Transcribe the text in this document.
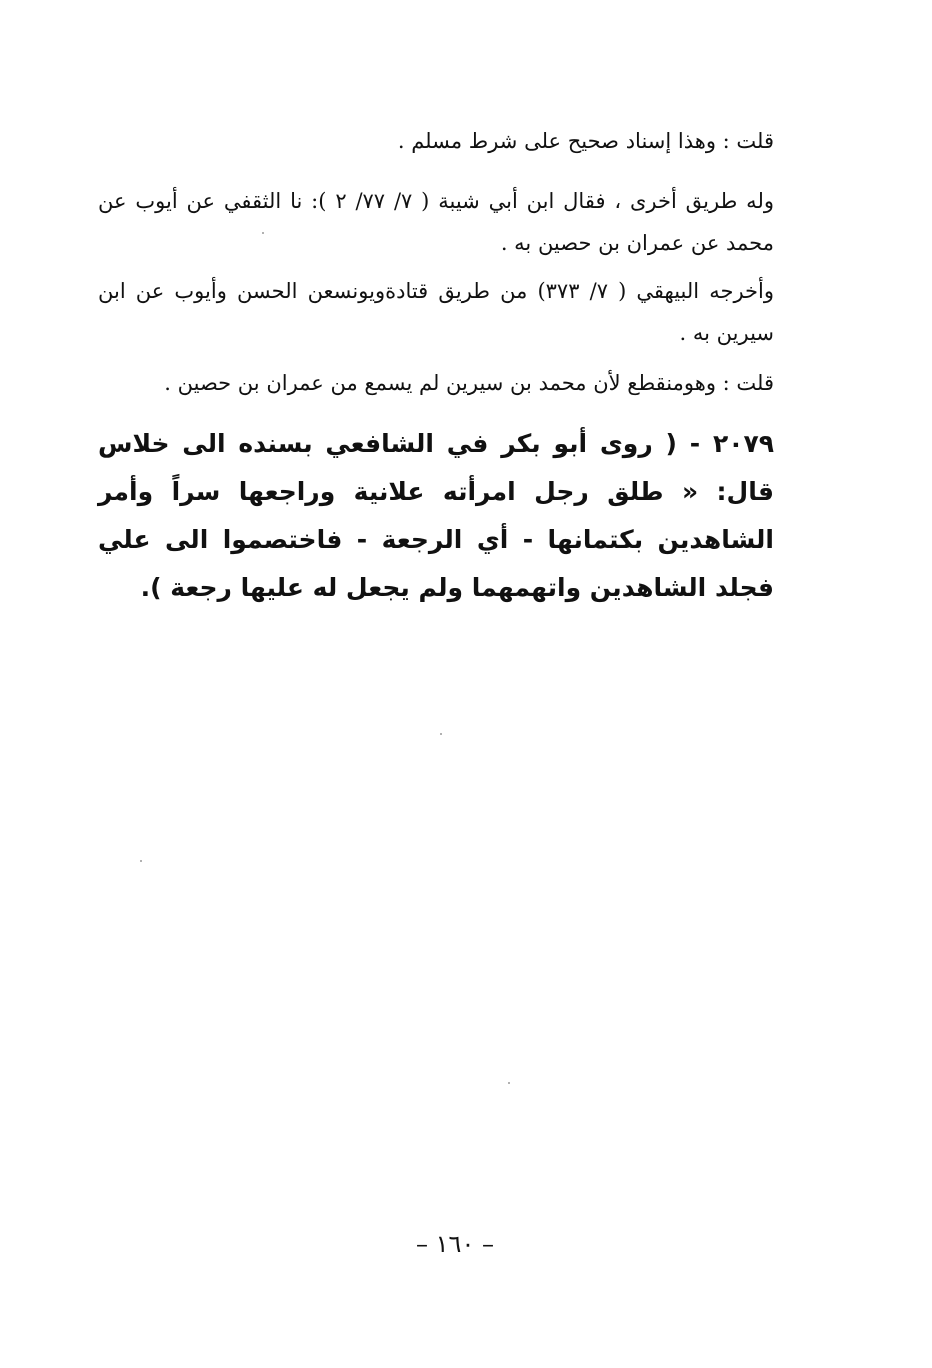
قلت : وهذا إسناد صحيح على شرط مسلم .

وله طريق أخرى ، فقال ابن أبي شيبة ( ٧/ ٧٧/ ٢ ): نا الثقفي عن أيوب عن محمد عن عمران بن حصين به .

وأخرجه البيهقي ( ٧/ ٣٧٣) من طريق قتادةويونسعن الحسن وأيوب عن ابن سيرين به .

قلت : وهومنقطع لأن محمد بن سيرين لم يسمع من عمران بن حصين .

٢٠٧٩ - ( روى أبو بكر في الشافعي بسنده الى خلاس قال: « طلق رجل امرأته علانية وراجعها سراً وأمر الشاهدين بكتمانها - أي الرجعة - فاختصموا الى علي فجلد الشاهدين واتهمهما ولم يجعل له عليها رجعة ).

– ١٦٠ –
